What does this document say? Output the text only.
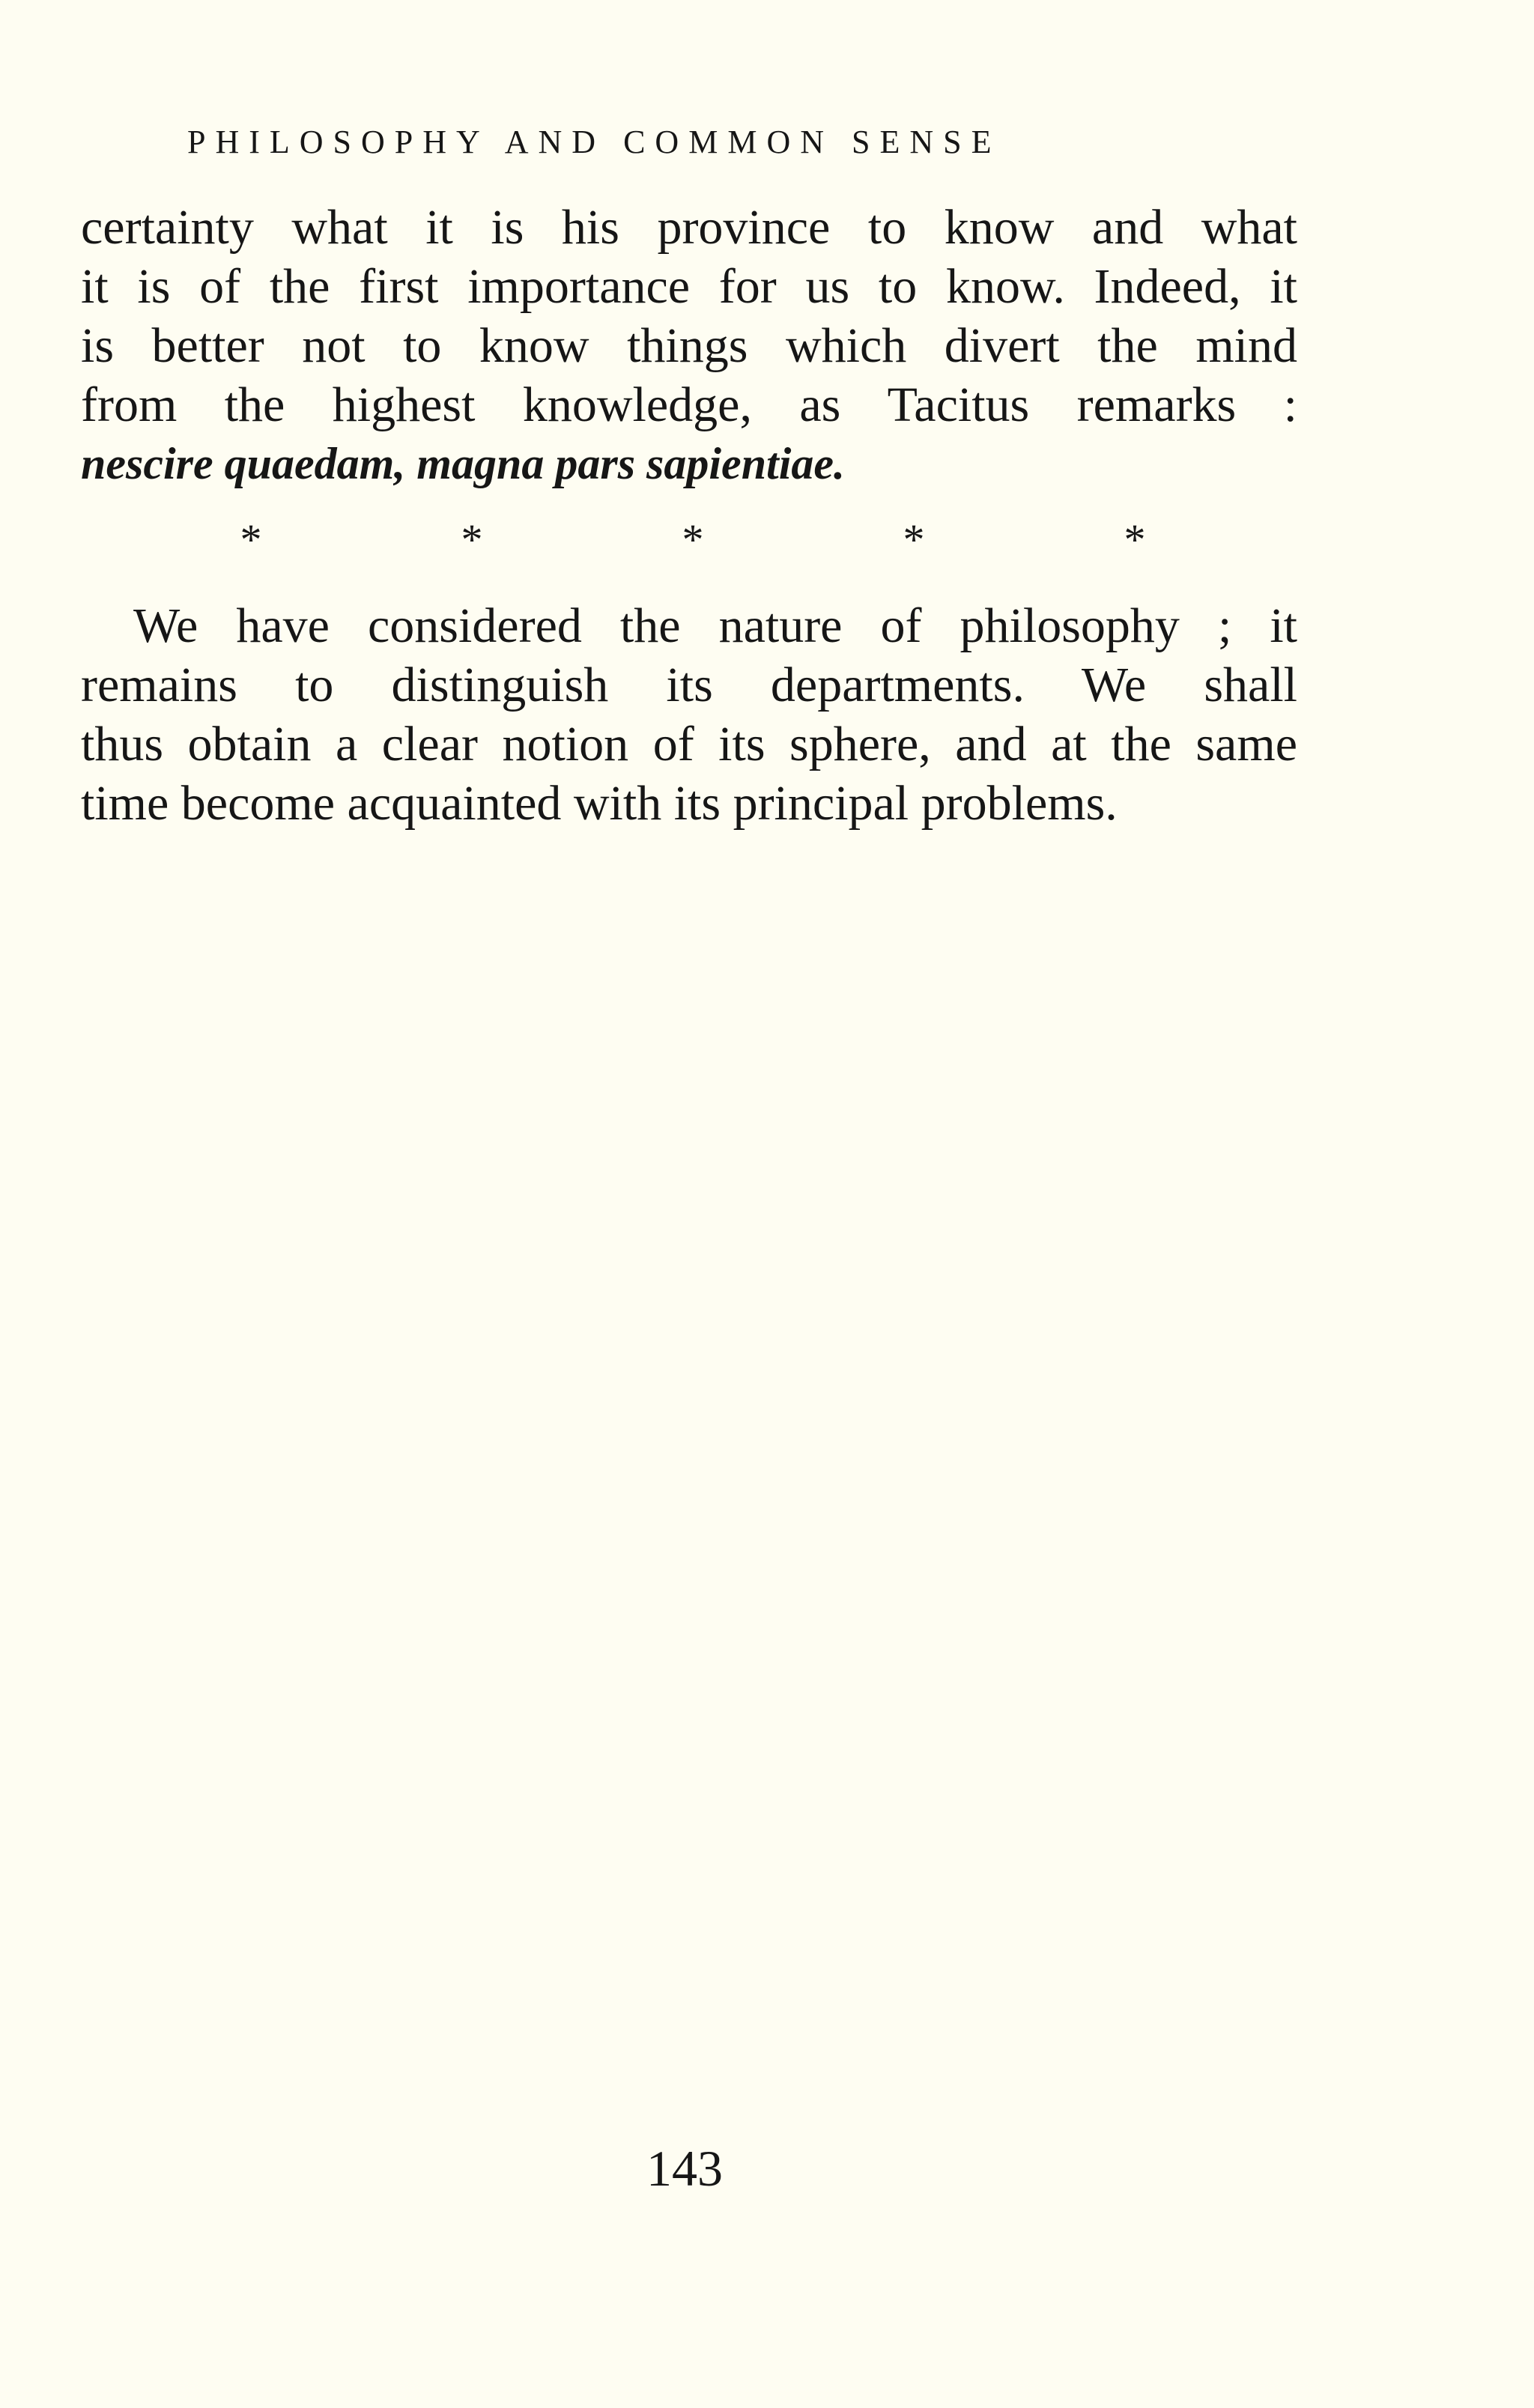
PHILOSOPHY AND COMMON SENSE
certainty what it is his province to know and what
it is of the first importance for us to know. Indeed, it
is better not to know things which divert the mind
from the highest knowledge, as Tacitus remarks :
nescire quaedam, magna pars sapientiae.
*	*	*	*	*
We have considered the nature of philosophy ; it
remains to distinguish its departments. We shall
thus obtain a clear notion of its sphere, and at the same
time become acquainted with its principal problems.
143
